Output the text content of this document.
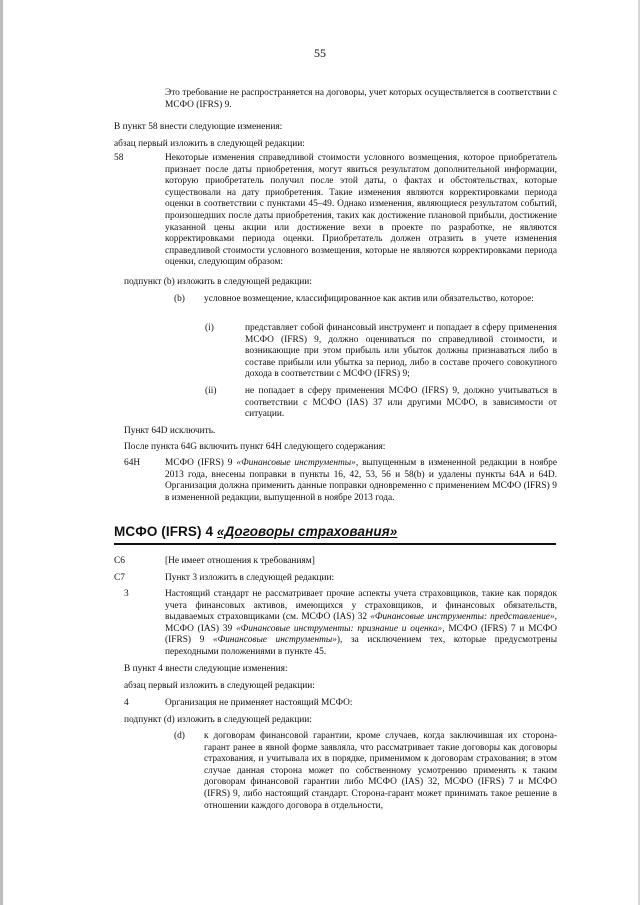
55
Это требование не распространяется на договоры, учет которых осуществляется в соответствии с МСФО (IFRS) 9.
В пункт 58 внести следующие изменения:
абзац первый изложить в следующей редакции:
58	Некоторые изменения справедливой стоимости условного возмещения, которое приобретатель признает после даты приобретения, могут явиться результатом дополнительной информации, которую приобретатель получил после этой даты, о фактах и обстоятельствах, которые существовали на дату приобретения. Такие изменения являются корректировками периода оценки в соответствии с пунктами 45–49. Однако изменения, являющиеся результатом событий, произошедших после даты приобретения, таких как достижение плановой прибыли, достижение указанной цены акции или достижение вехи в проекте по разработке, не являются корректировками периода оценки. Приобретатель должен отразить в учете изменения справедливой стоимости условного возмещения, которые не являются корректировками периода оценки, следующим образом:
подпункт (b) изложить в следующей редакции:
(b) условное возмещение, классифицированное как актив или обязательство, которое:
(i)	представляет собой финансовый инструмент и попадает в сферу применения МСФО (IFRS) 9, должно оцениваться по справедливой стоимости, и возникающие при этом прибыль или убыток должны признаваться либо в составе прибыли или убытка за период, либо в составе прочего совокупного дохода в соответствии с МСФО (IFRS) 9;
(ii)	не попадает в сферу применения МСФО (IFRS) 9, должно учитываться в соответствии с МСФО (IAS) 37 или другими МСФО, в зависимости от ситуации.
Пункт 64D исключить.
После пункта 64G включить пункт 64H следующего содержания:
64H	МСФО (IFRS) 9 «Финансовые инструменты», выпущенным в измененной редакции в ноябре 2013 года, внесены поправки в пункты 16, 42, 53, 56 и 58(b) и удалены пункты 64A и 64D. Организация должна применить данные поправки одновременно с применением МСФО (IFRS) 9 в измененной редакции, выпущенной в ноябре 2013 года.
МСФО (IFRS) 4 «Договоры страхования»
C6	[Не имеет отношения к требованиям]
C7	Пункт 3 изложить в следующей редакции:
3	Настоящий стандарт не рассматривает прочие аспекты учета страховщиков, такие как порядок учета финансовых активов, имеющихся у страховщиков, и финансовых обязательств, выдаваемых страховщиками (см. МСФО (IAS) 32 «Финансовые инструменты: представление», МСФО (IAS) 39 «Финансовые инструменты: признание и оценка», МСФО (IFRS) 7 и МСФО (IFRS) 9 «Финансовые инструменты»), за исключением тех, которые предусмотрены переходными положениями в пункте 45.
В пункт 4 внести следующие изменения:
абзац первый изложить в следующей редакции:
4	Организация не применяет настоящий МСФО:
подпункт (d) изложить в следующей редакции:
(d) к договорам финансовой гарантии, кроме случаев, когда заключившая их сторона-гарант ранее в явной форме заявляла, что рассматривает такие договоры как договоры страхования, и учитывала их в порядке, применимом к договорам страхования; в этом случае данная сторона может по собственному усмотрению применять к таким договорам финансовой гарантии либо МСФО (IAS) 32, МСФО (IFRS) 7 и МСФО (IFRS) 9, либо настоящий стандарт. Сторона-гарант может принимать такое решение в отношении каждого договора в отдельности,
